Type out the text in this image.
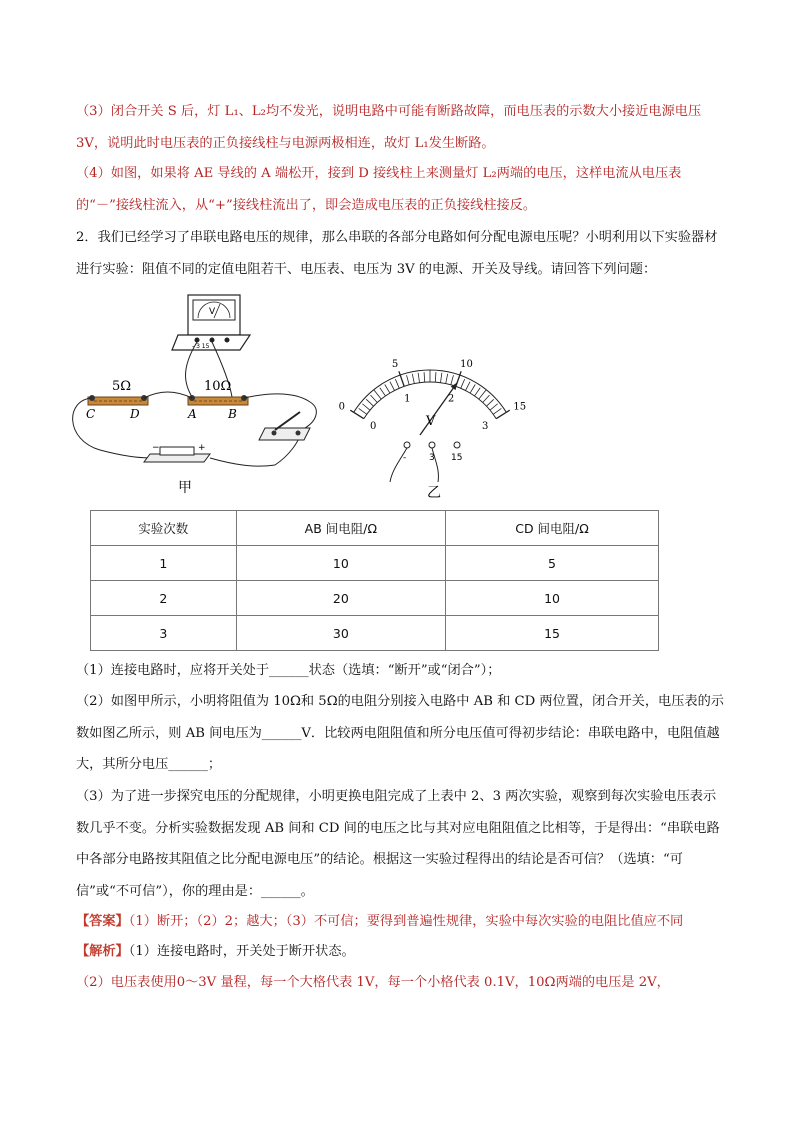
（3）闭合开关 S 后，灯 L₁、L₂均不发光，说明电路中可能有断路故障，而电压表的示数大小接近电源电压 3V，说明此时电压表的正负接线柱与电源两极相连，故灯 L₁发生断路。

（4）如图，如果将 AE 导线的 A 端松开，接到 D 接线柱上来测量灯 L₂两端的电压，这样电流从电压表的“－”接线柱流入，从“+”接线柱流出了，即会造成电压表的正负接线柱接反。

2．我们已经学习了串联电路电压的规律，那么串联的各部分电路如何分配电源电压呢？小明利用以下实验器材进行实验：阻值不同的定值电阻若干、电压表、电压为 3V 的电源、开关及导线。请回答下列问题：

V
- 3 15
5Ω
C	D
10Ω
A	B
−	+
甲
0
5	10
15
0
1	2
3
-	3 15
V
乙
实验次数	AB 间电阻/Ω	CD 间电阻/Ω
1	10	5
2	20	10
3	30	15

（1）连接电路时，应将开关处于______状态（选填：“断开”或“闭合”）；

（2）如图甲所示，小明将阻值为 10Ω和 5Ω的电阻分别接入电路中 AB 和 CD 两位置，闭合开关，电压表的示数如图乙所示，则 AB 间电压为______V．比较两电阻阻值和所分电压值可得初步结论：串联电路中，电阻值越大，其所分电压______；

（3）为了进一步探究电压的分配规律，小明更换电阻完成了上表中 2、3 两次实验，观察到每次实验电压表示数几乎不变。分析实验数据发现 AB 间和 CD 间的电压之比与其对应电阻阻值之比相等，于是得出：“串联电路中各部分电路按其阻值之比分配电源电压”的结论。根据这一实验过程得出的结论是否可信？（选填：“可信”或“不可信”），你的理由是：______。

【答案】（1）断开；（2）2；越大；（3）不可信；要得到普遍性规律，实验中每次实验的电阻比值应不同

【解析】（1）连接电路时，开关处于断开状态。

（2）电压表使用0～3V 量程，每一个大格代表 1V，每一个小格代表 0.1V，10Ω两端的电压是 2V，
